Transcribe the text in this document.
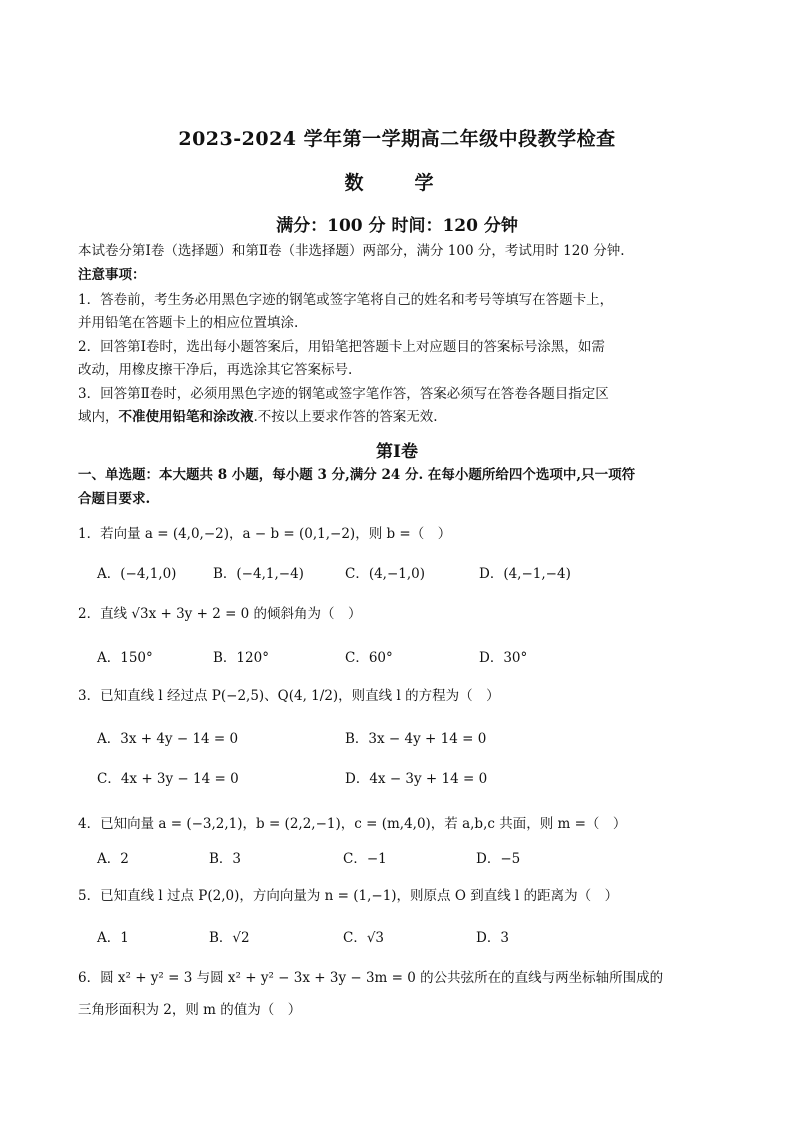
2023-2024 学年第一学期高二年级中段教学检查
数　学
满分：100 分 时间：120 分钟
本试卷分第Ⅰ卷（选择题）和第Ⅱ卷（非选择题）两部分，满分 100 分，考试用时 120 分钟.
注意事项：
1．答卷前，考生务必用黑色字迹的钢笔或签字笔将自己的姓名和考号等填写在答题卡上，
并用铅笔在答题卡上的相应位置填涂.
2．回答第Ⅰ卷时，选出每小题答案后，用铅笔把答题卡上对应题目的答案标号涂黑，如需
改动，用橡皮擦干净后，再选涂其它答案标号.
3．回答第Ⅱ卷时，必须用黑色字迹的钢笔或签字笔作答，答案必须写在答卷各题目指定区
域内，不准使用铅笔和涂改液.不按以上要求作答的答案无效.
第Ⅰ卷
一、单选题：本大题共 8 小题，每小题 3 分,满分 24 分. 在每小题所给四个选项中,只一项符
合题目要求.
1．若向量 a = (4,0,−2)，a − b = (0,1,−2)，则 b =（　）
A．(−4,1,0)	B．(−4,1,−4)	C．(4,−1,0)	D．(4,−1,−4)
2．直线 √3x + 3y + 2 = 0 的倾斜角为（　）
A．150°	B．120°	C．60°	D．30°
3．已知直线 l 经过点 P(−2,5)、Q(4, 1/2)，则直线 l 的方程为（　）
A．3x + 4y − 14 = 0	B．3x − 4y + 14 = 0
C．4x + 3y − 14 = 0	D．4x − 3y + 14 = 0
4．已知向量 a = (−3,2,1)，b = (2,2,−1)，c = (m,4,0)，若 a,b,c 共面，则 m =（　）
A．2	B．3	C．−1	D．−5
5．已知直线 l 过点 P(2,0)，方向向量为 n = (1,−1)，则原点 O 到直线 l 的距离为（　）
A．1	B．√2	C．√3	D．3
6．圆 x² + y² = 3 与圆 x² + y² − 3x + 3y − 3m = 0 的公共弦所在的直线与两坐标轴所围成的
三角形面积为 2，则 m 的值为（　）
